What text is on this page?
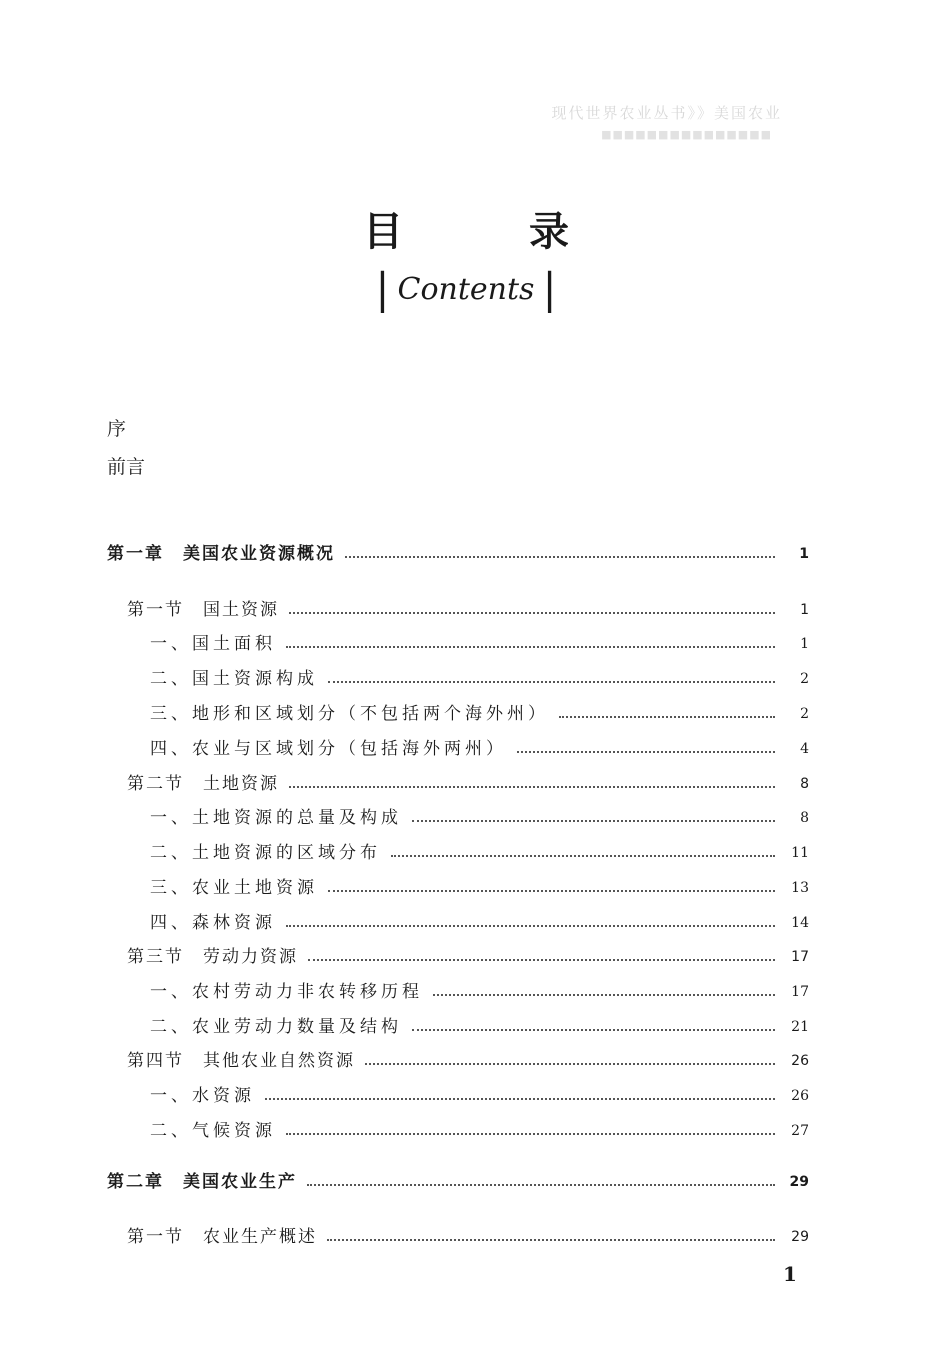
现代世界农业丛书》》美国农业
■■■■■■■■■■■■■■■
目 录
| Contents |
序
前言
第一章　美国农业资源概况	1
第一节　国土资源	1
一、国土面积	1
二、国土资源构成	2
三、地形和区域划分（不包括两个海外州）	2
四、农业与区域划分（包括海外两州）	4
第二节　土地资源	8
一、土地资源的总量及构成	8
二、土地资源的区域分布	11
三、农业土地资源	13
四、森林资源	14
第三节　劳动力资源	17
一、农村劳动力非农转移历程	17
二、农业劳动力数量及结构	21
第四节　其他农业自然资源	26
一、水资源	26
二、气候资源	27
第二章　美国农业生产	29
第一节　农业生产概述	29
1
